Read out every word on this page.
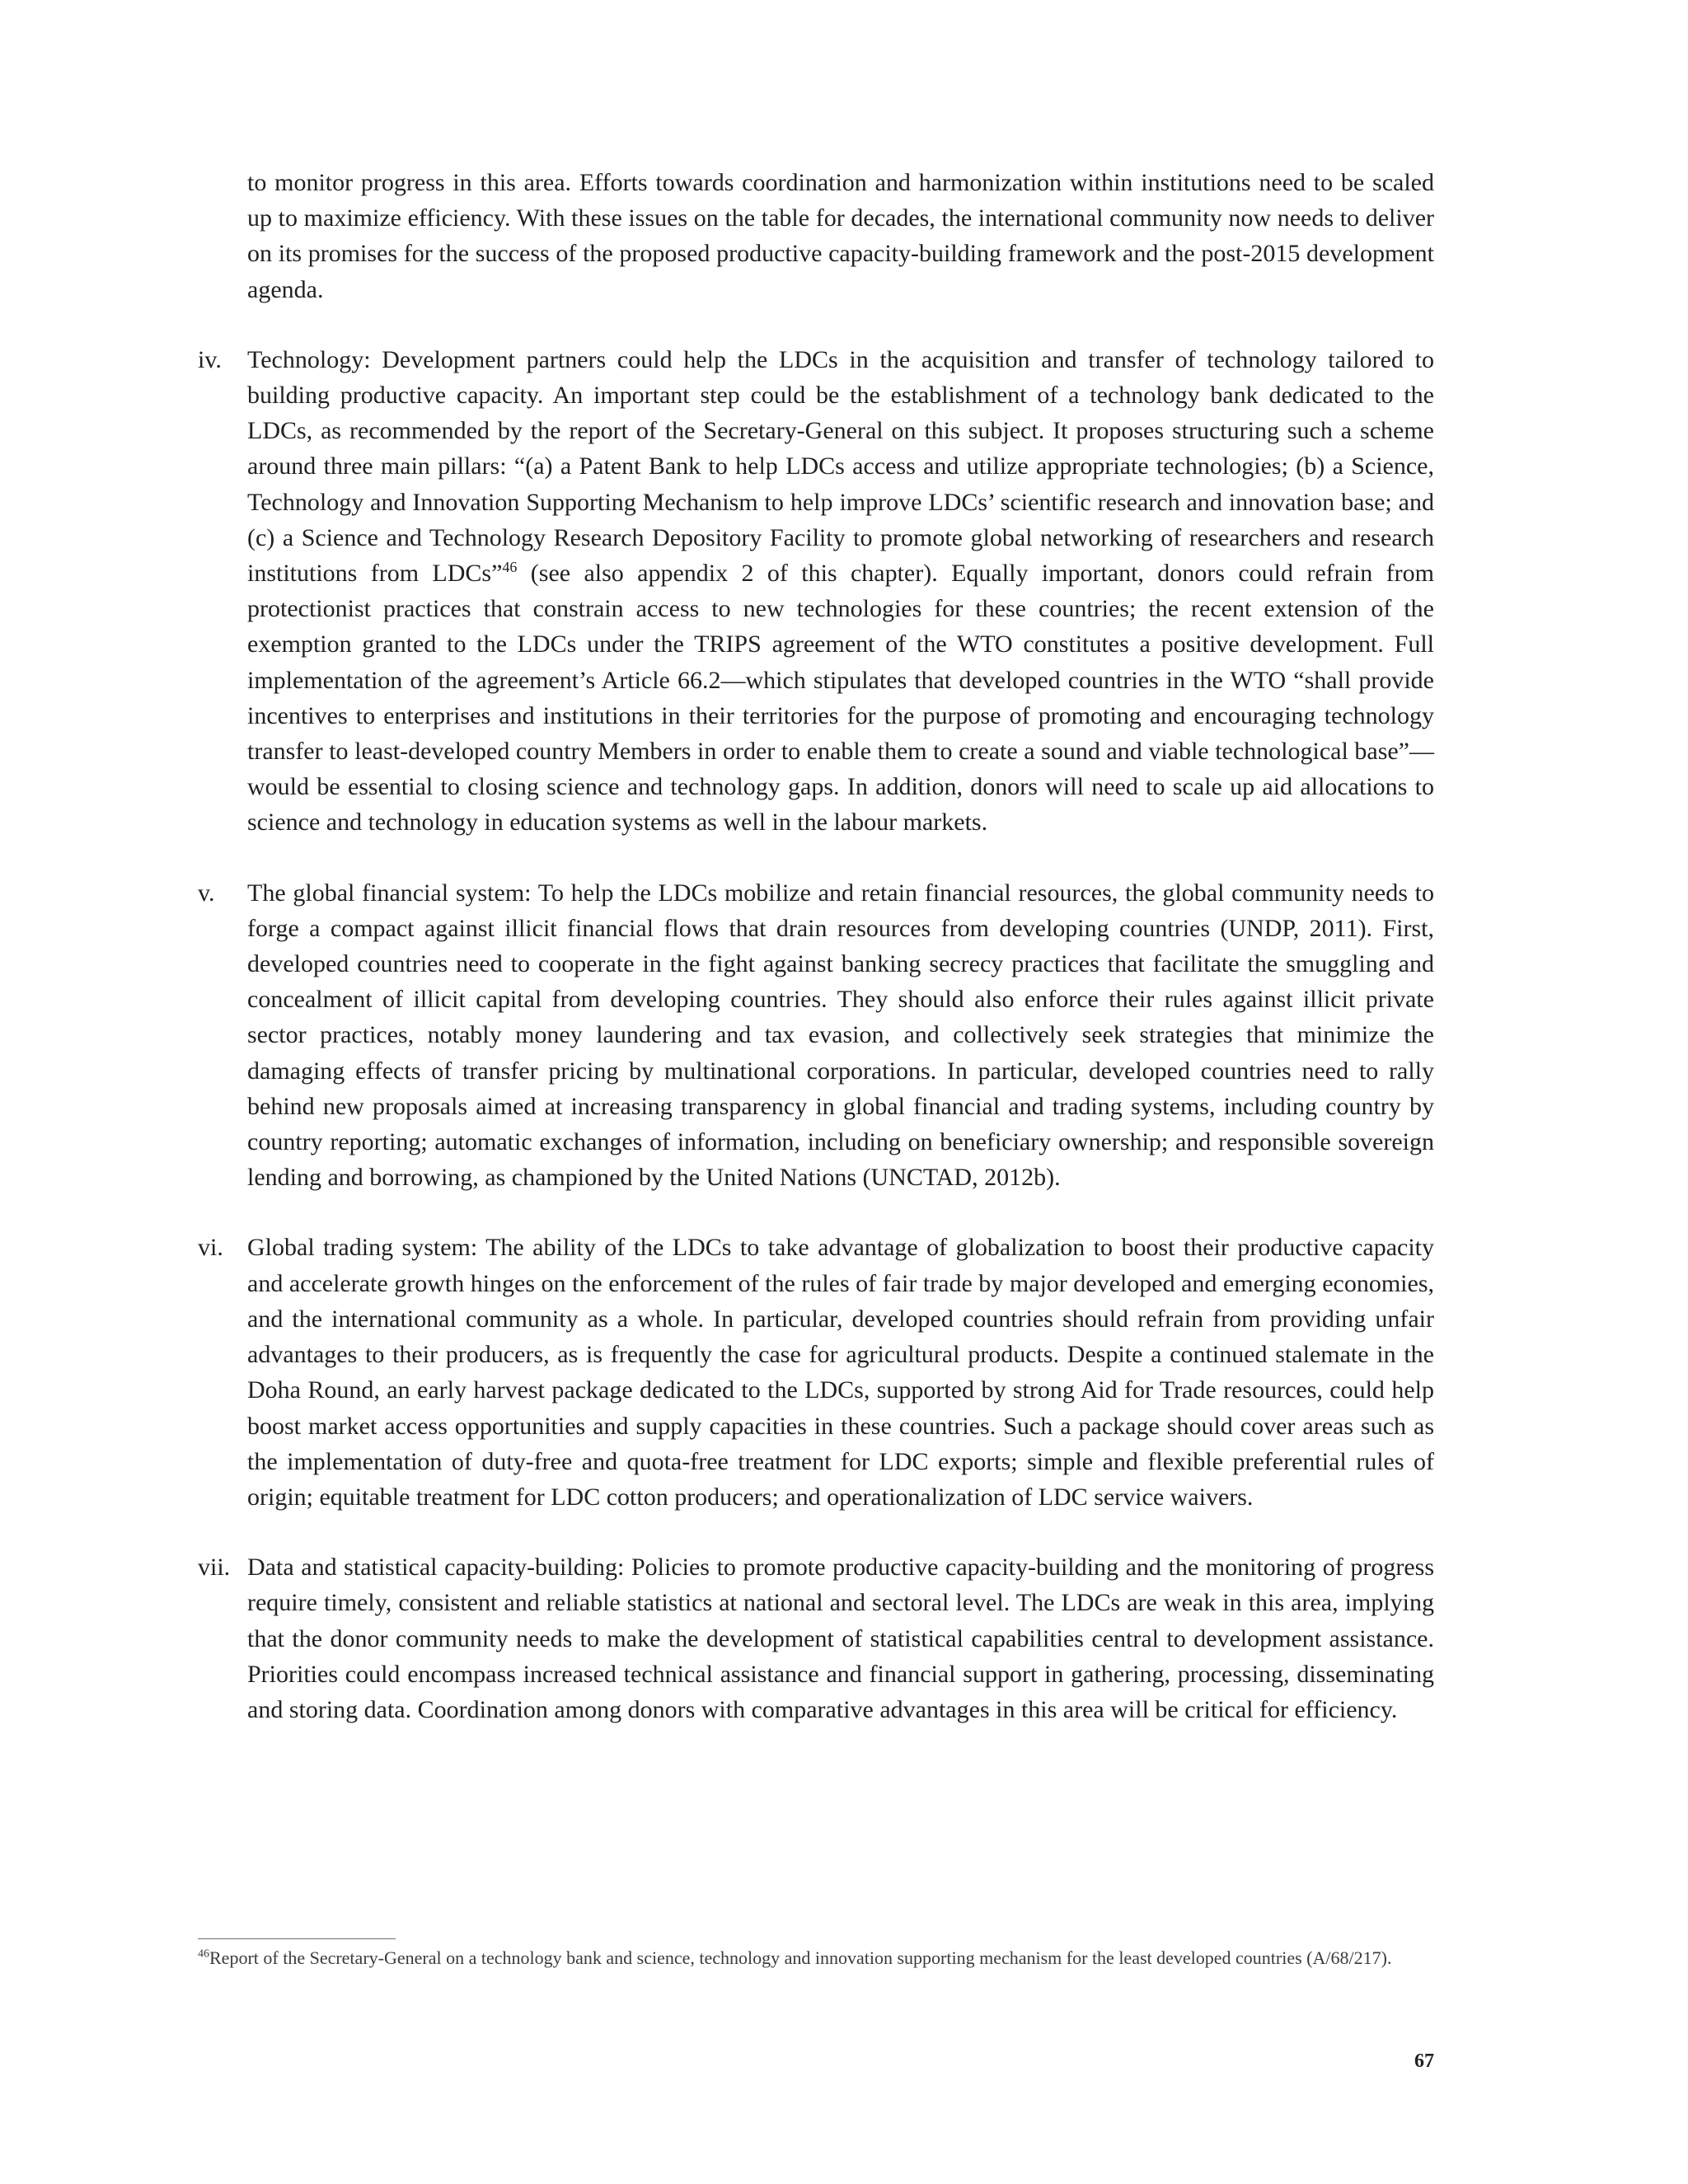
to monitor progress in this area. Efforts towards coordination and harmonization within institutions need to be scaled up to maximize efficiency. With these issues on the table for decades, the international community now needs to deliver on its promises for the success of the proposed productive capacity-building framework and the post-2015 development agenda.

iv.	Technology: Development partners could help the LDCs in the acquisition and transfer of technology tailored to building productive capacity. An important step could be the establishment of a technology bank dedicated to the LDCs, as recommended by the report of the Secretary-General on this subject. It proposes structuring such a scheme around three main pillars: “(a) a Patent Bank to help LDCs access and utilize appropriate technologies; (b) a Science, Technology and Innovation Supporting Mechanism to help improve LDCs’ scientific research and innovation base; and (c) a Science and Technology Research Depository Facility to promote global networking of researchers and research institutions from LDCs”$^{46}$ (see also appendix 2 of this chapter). Equally important, donors could refrain from protectionist practices that constrain access to new technologies for these countries; the recent extension of the exemption granted to the LDCs under the TRIPS agreement of the WTO constitutes a positive development. Full implementation of the agreement’s Article 66.2—which stipulates that developed countries in the WTO “shall provide incentives to enterprises and institutions in their territories for the purpose of promoting and encouraging technology transfer to least-developed country Members in order to enable them to create a sound and viable technological base”—would be essential to closing science and technology gaps. In addition, donors will need to scale up aid allocations to science and technology in education systems as well in the labour markets.

v.	The global financial system: To help the LDCs mobilize and retain financial resources, the global community needs to forge a compact against illicit financial flows that drain resources from developing countries (UNDP, 2011). First, developed countries need to cooperate in the fight against banking secrecy practices that facilitate the smuggling and concealment of illicit capital from developing countries. They should also enforce their rules against illicit private sector practices, notably money laundering and tax evasion, and collectively seek strategies that minimize the damaging effects of transfer pricing by multinational corporations. In particular, developed countries need to rally behind new proposals aimed at increasing transparency in global financial and trading systems, including country by country reporting; automatic exchanges of information, including on beneficiary ownership; and responsible sovereign lending and borrowing, as championed by the United Nations (UNCTAD, 2012b).

vi. Global trading system: The ability of the LDCs to take advantage of globalization to boost their productive capacity and accelerate growth hinges on the enforcement of the rules of fair trade by major developed and emerging economies, and the international community as a whole. In particular, developed countries should refrain from providing unfair advantages to their producers, as is frequently the case for agricultural products. Despite a continued stalemate in the Doha Round, an early harvest package dedicated to the LDCs, supported by strong Aid for Trade resources, could help boost market access opportunities and supply capacities in these countries. Such a package should cover areas such as the implementation of duty-free and quota-free treatment for LDC exports; simple and flexible preferential rules of origin; equitable treatment for LDC cotton producers; and operationalization of LDC service waivers.

vii. Data and statistical capacity-building: Policies to promote productive capacity-building and the monitoring of progress require timely, consistent and reliable statistics at national and sectoral level. The LDCs are weak in this area, implying that the donor community needs to make the development of statistical capabilities central to development assistance. Priorities could encompass increased technical assistance and financial support in gathering, processing, disseminating and storing data. Coordination among donors with comparative advantages in this area will be critical for efficiency.

$^{46}$Report of the Secretary-General on a technology bank and science, technology and innovation supporting mechanism for the least developed countries (A/68/217).
67
